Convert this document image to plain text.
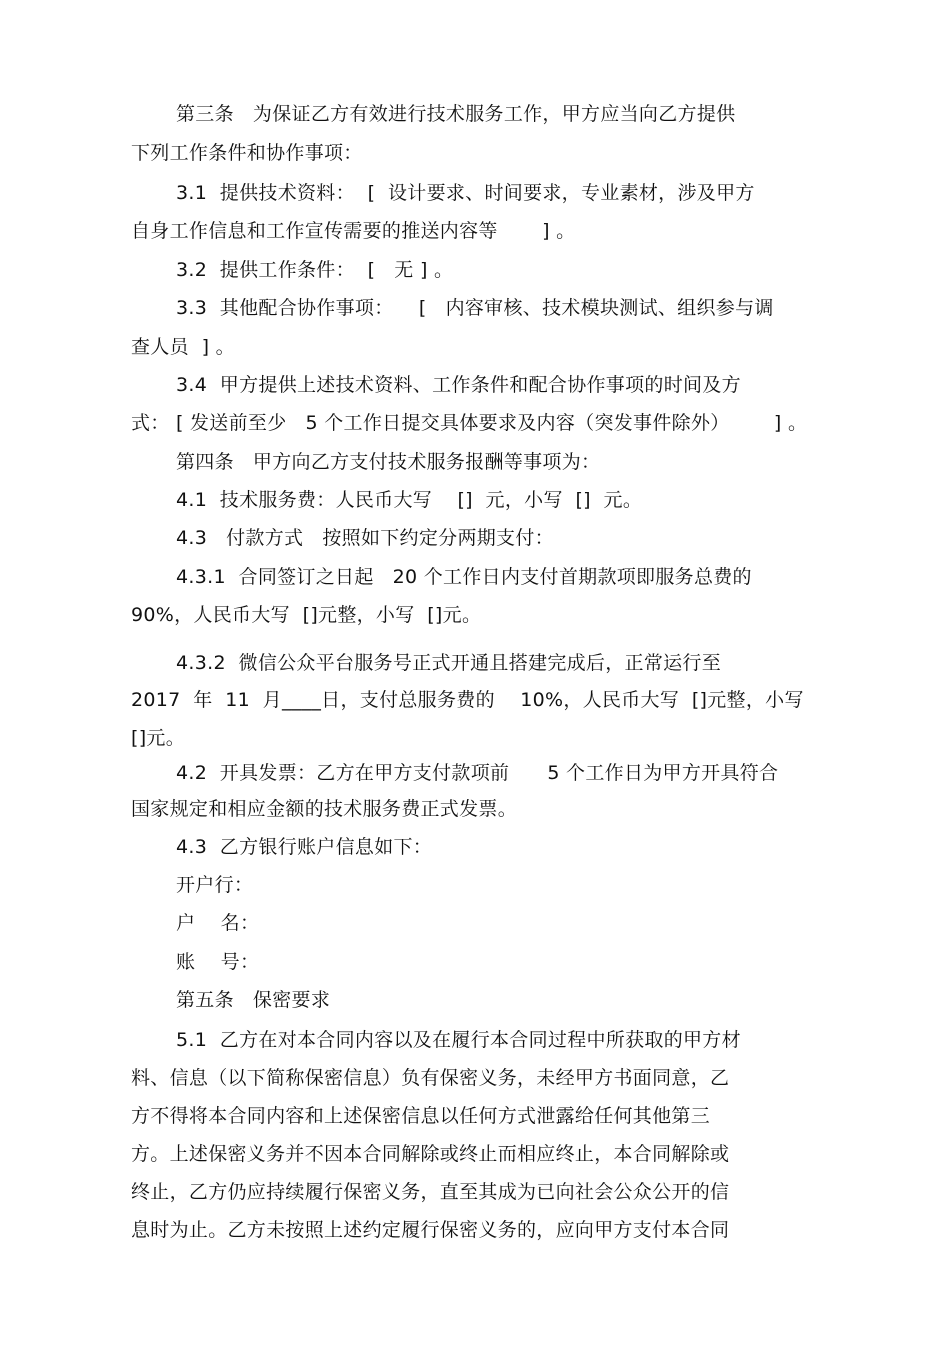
第三条   为保证乙方有效进行技术服务工作，甲方应当向乙方提供
下列工作条件和协作事项：
3.1  提供技术资料：  [  设计要求、时间要求，专业素材，涉及甲方
自身工作信息和工作宣传需要的推送内容等       ] 。
3.2  提供工作条件：  [   无 ] 。
3.3  其他配合协作事项：    [   内容审核、技术模块测试、组织参与调
查人员  ] 。
3.4  甲方提供上述技术资料、工作条件和配合协作事项的时间及方
式： [ 发送前至少   5 个工作日提交具体要求及内容（突发事件除外）       ] 。
第四条   甲方向乙方支付技术服务报酬等事项为：
4.1  技术服务费：人民币大写    []  元，小写  []  元。
4.3   付款方式   按照如下约定分两期支付：
4.3.1  合同签订之日起   20 个工作日内支付首期款项即服务总费的
90%，人民币大写  []元整，小写  []元。
4.3.2  微信公众平台服务号正式开通且搭建完成后，正常运行至
2017  年  11  月____日，支付总服务费的    10%，人民币大写  []元整，小写
[]元。
4.2  开具发票：乙方在甲方支付款项前      5 个工作日为甲方开具符合
国家规定和相应金额的技术服务费正式发票。
4.3  乙方银行账户信息如下：
开户行：
户    名：
账    号：
第五条   保密要求
5.1  乙方在对本合同内容以及在履行本合同过程中所获取的甲方材
料、信息（以下简称保密信息）负有保密义务，未经甲方书面同意，乙
方不得将本合同内容和上述保密信息以任何方式泄露给任何其他第三
方。上述保密义务并不因本合同解除或终止而相应终止，本合同解除或
终止，乙方仍应持续履行保密义务，直至其成为已向社会公众公开的信
息时为止。乙方未按照上述约定履行保密义务的，应向甲方支付本合同
